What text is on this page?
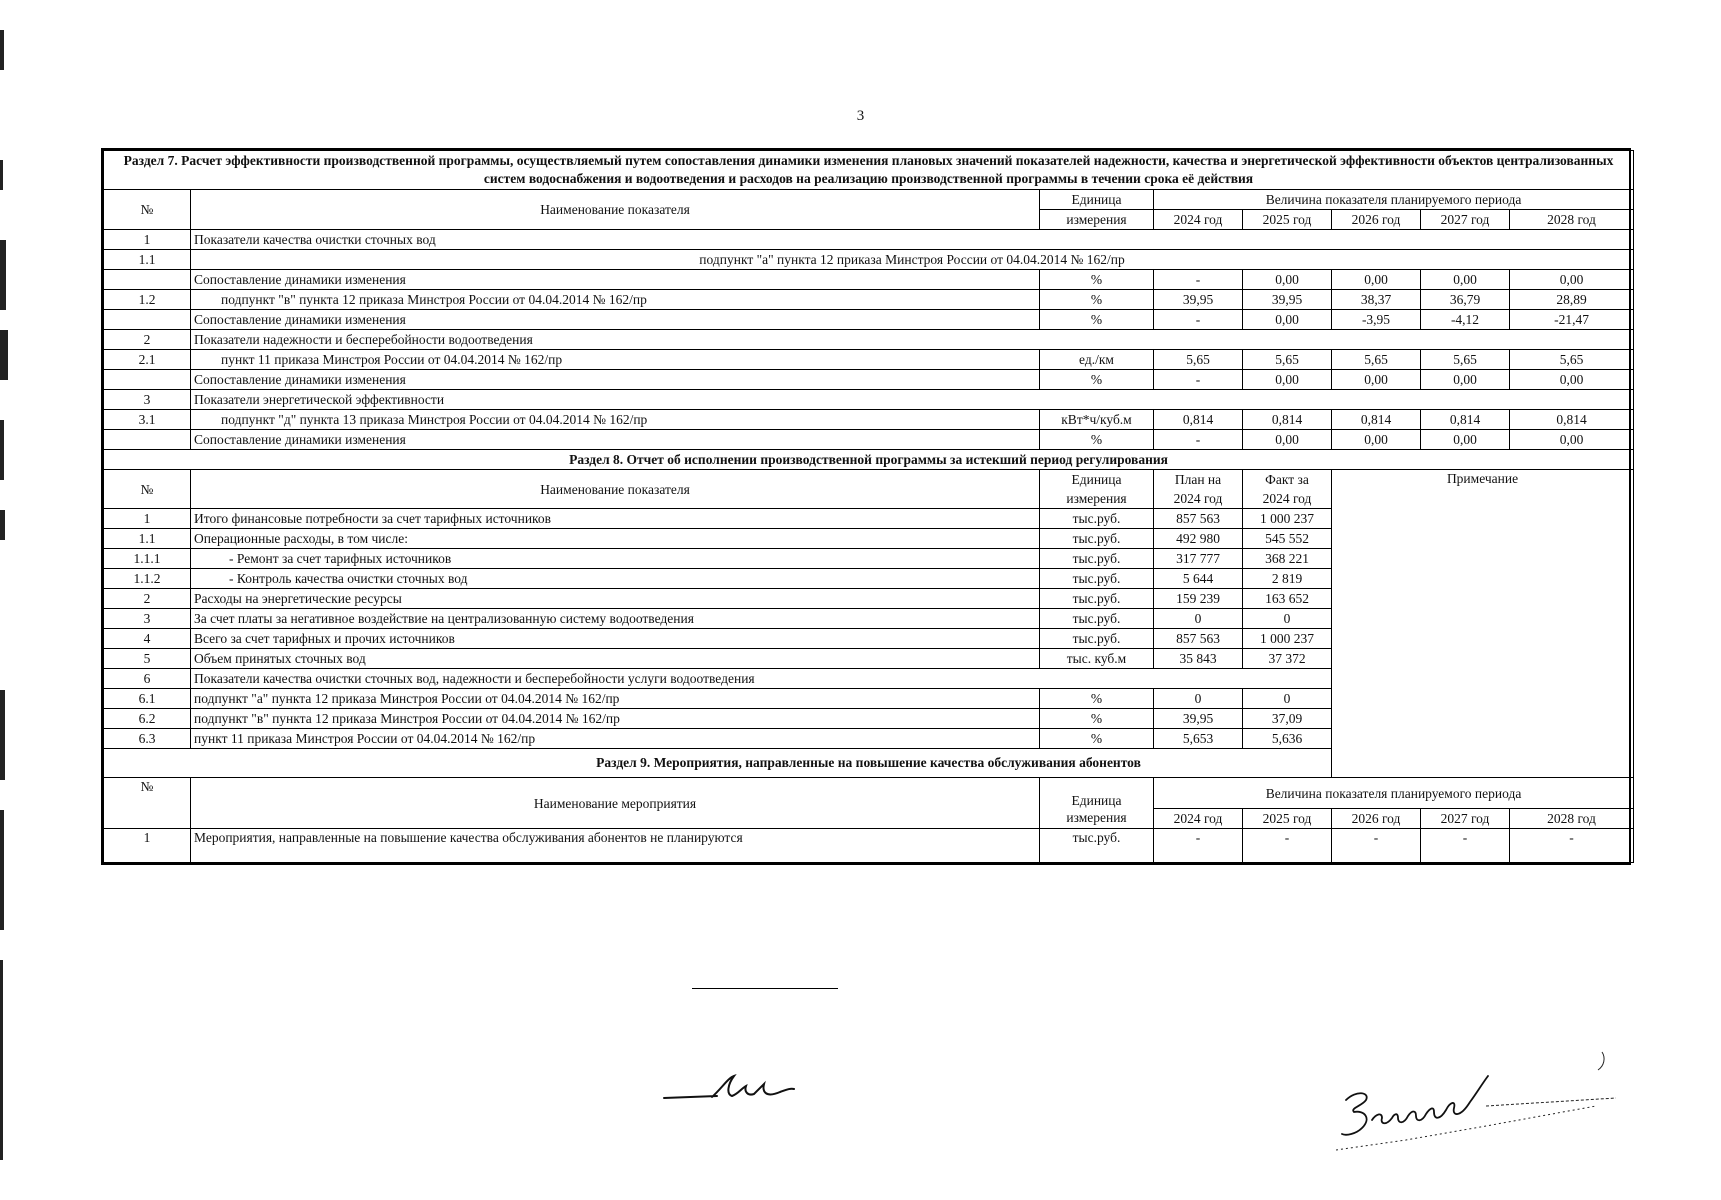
3
Раздел 7. Расчет эффективности производственной программы, осуществляемый путем сопоставления динамики изменения плановых значений показателей надежности, качества и энергетической эффективности объектов централизованных систем водоснабжения и водоотведения и расходов на реализацию производственной программы в течении срока её действия							
№	Наименование показателя	Единица	Величина показателя планируемого периода				
		измерения	2024 год	2025 год	2026 год	2027 год	2028 год
1	Показатели качества очистки сточных вод						
1.1	подпункт "а" пункта 12 приказа Минстроя России от 04.04.2014 № 162/пр						
	Сопоставление динамики изменения	%	-	0,00	0,00	0,00	0,00
1.2	подпункт "в" пункта 12 приказа Минстроя России от 04.04.2014 № 162/пр	%	39,95	39,95	38,37	36,79	28,89
	Сопоставление динамики изменения	%	-	0,00	-3,95	-4,12	-21,47
2	Показатели надежности и бесперебойности водоотведения						
2.1	пункт 11 приказа Минстроя России от 04.04.2014 № 162/пр	ед./км	5,65	5,65	5,65	5,65	5,65
	Сопоставление динамики изменения	%	-	0,00	0,00	0,00	0,00
3	Показатели энергетической эффективности						
3.1	подпункт "д" пункта 13 приказа Минстроя России от 04.04.2014 № 162/пр	кВт*ч/куб.м	0,814	0,814	0,814	0,814	0,814
	Сопоставление динамики изменения	%	-	0,00	0,00	0,00	0,00
Раздел 8. Отчет об исполнении производственной программы за истекший период регулирования							
№	Наименование показателя	Единица	План на	Факт за	Примечание		
		измерения	2024 год	2024 год			
1	Итого финансовые потребности за счет тарифных источников	тыс.руб.	857 563	1 000 237			
1.1	Операционные расходы, в том числе:	тыс.руб.	492 980	545 552			
1.1.1	- Ремонт за счет тарифных источников	тыс.руб.	317 777	368 221			
1.1.2	- Контроль качества очистки сточных вод	тыс.руб.	5 644	2 819			
2	Расходы на энергетические ресурсы	тыс.руб.	159 239	163 652			
3	За счет платы за негативное воздействие на централизованную систему водоотведения	тыс.руб.	0	0			
4	Всего за счет тарифных и прочих источников	тыс.руб.	857 563	1 000 237			
5	Объем принятых сточных вод	тыс. куб.м	35 843	37 372			
6	Показатели качества очистки сточных вод, надежности и бесперебойности услуги водоотведения						
6.1	подпункт "а" пункта 12 приказа Минстроя России от 04.04.2014 № 162/пр	%	0	0			
6.2	подпункт "в" пункта 12 приказа Минстроя России от 04.04.2014 № 162/пр	%	39,95	37,09			
6.3	пункт 11 приказа Минстроя России от 04.04.2014 № 162/пр	%	5,653	5,636			
Раздел 9. Мероприятия, направленные на повышение качества обслуживания абонентов							
№	Наименование мероприятия	Единица	Величина показателя планируемого периода				
		измерения	2024 год	2025 год	2026 год	2027 год	2028 год
1	Мероприятия, направленные на повышение качества обслуживания абонентов не планируются	тыс.руб.	-	-	-	-	-
